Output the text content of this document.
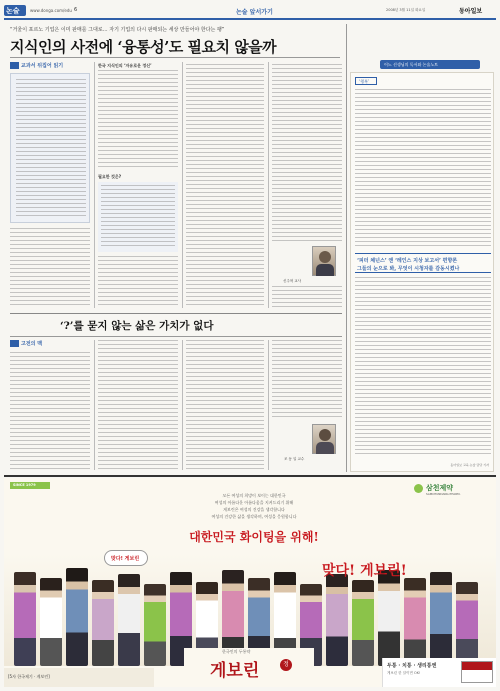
논술	www.donga.com/edu 6	논술 앞서가기	2008년 3월 11일 화요일	동아일보
“거울이 포르노 기업은 이미 판매를 그대로… 자기 기업의 다시 판매되는 세상 만들어야 한다는 팽”
지식인의 사전에 ‘융통성’도 필요치 않을까
교과서 뒤집어 읽기	한국 지식인의 ‘자유로운 정신’
필요한 것은?
신주혁 교사
‘?’를 묻지 않는 삶은 가치가 없다
고전의 맥
조 동 일 교수
어느 선생님의 독서와 논술노트
‘행복’
‘피터 체넌스’ 앤 ‘레인스 지상 보고서’ 편향론
그들의 눈으로 봐, 무엇이 시청자를 감동시켰나
동아일보 교육·논술 담당 기자
SINCE 1979	삼천제약
SAMCHUNDANG PHARM.
모든 여성의 희망이 보이는 대한민국
여성의 아름다운 아름다움을 지켜드리기 위해
게보린은 여성의 건강을 생각합니다
여성의 건강한 삶을 생각하며, 여성을 응원합니다
대한민국 화이팅을 위해!
맞다! 게보린
맞다! 게보린!
한국인의 두통약
게보린	정
[5자 한국제기 · 게보린]
두통 · 치통 · 생리통엔
게보린 한 알이면 OK!
